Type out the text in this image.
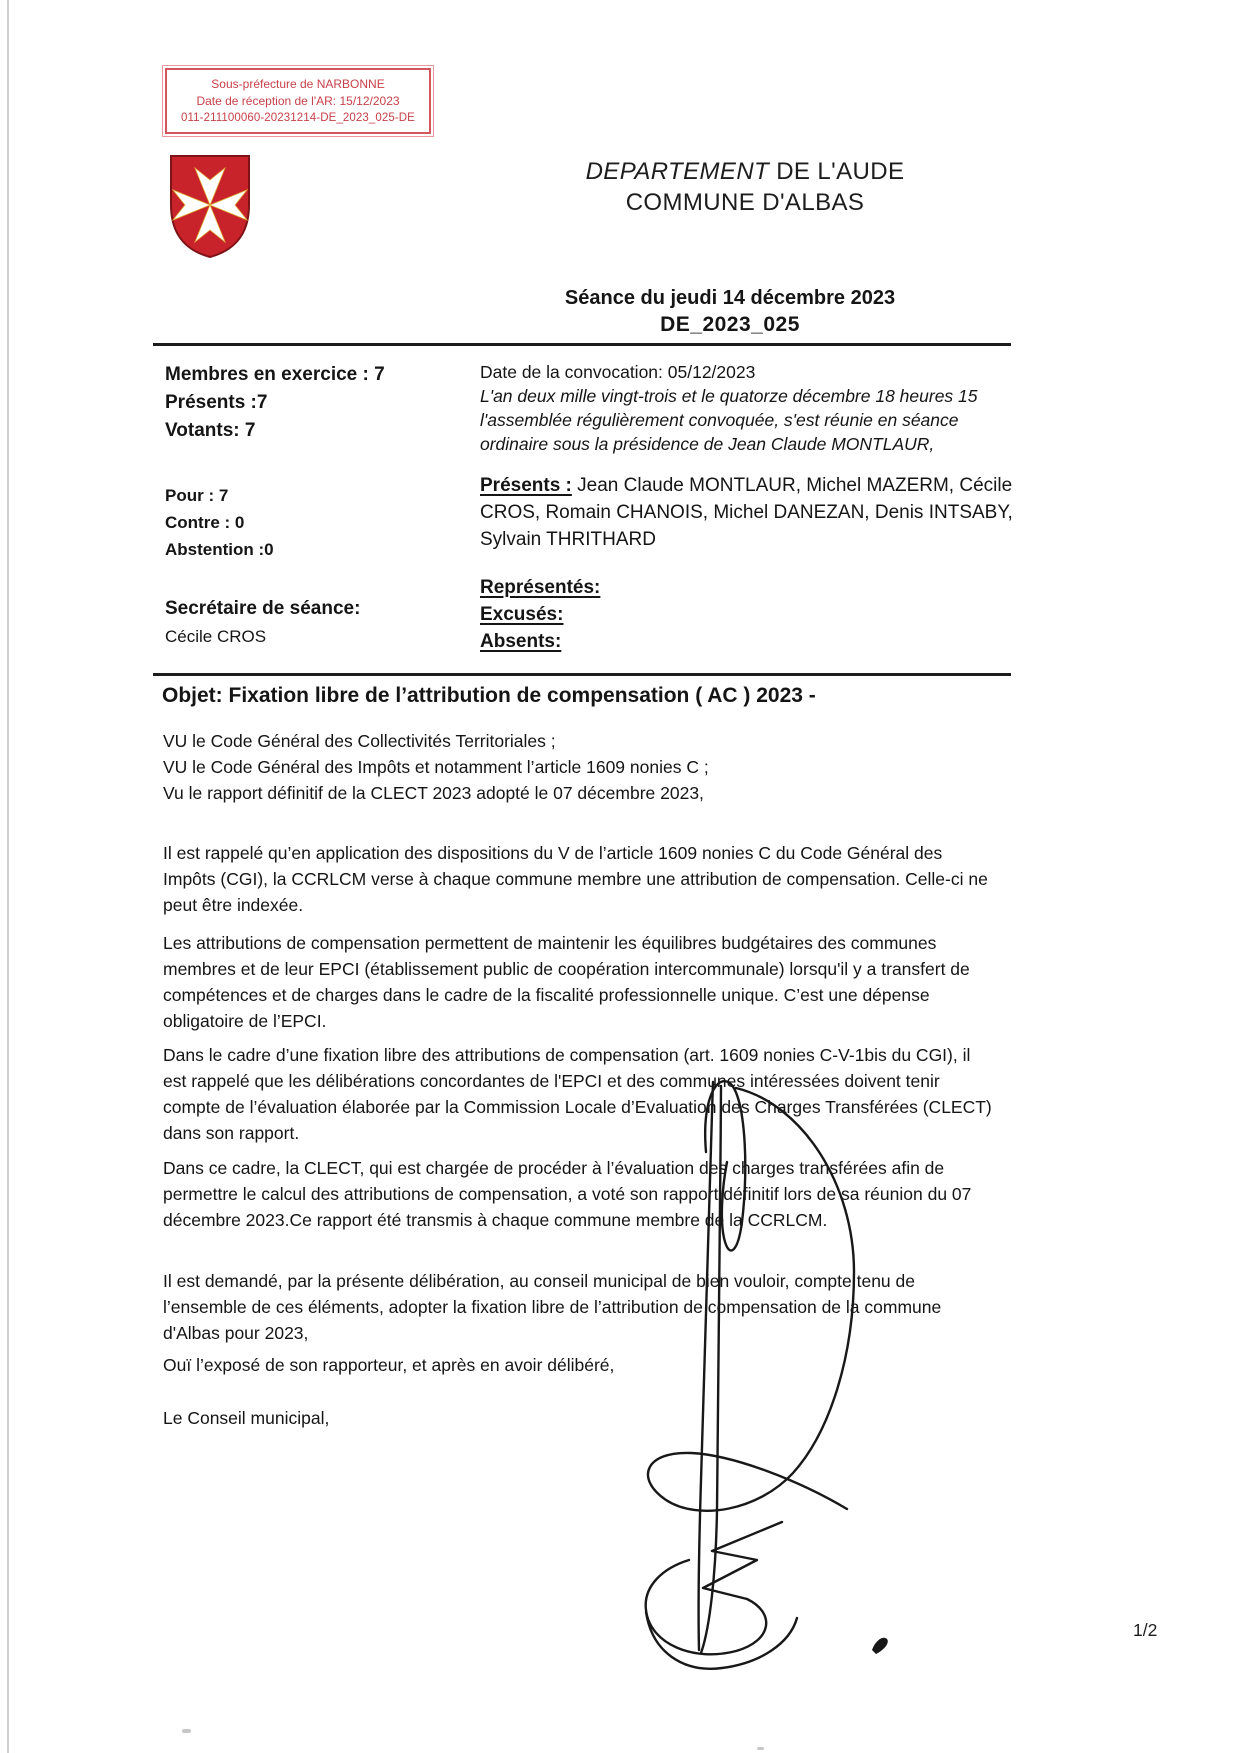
Sous-préfecture de NARBONNE
Date de réception de l'AR: 15/12/2023
011-211100060-20231214-DE_2023_025-DE
DEPARTEMENT DE L'AUDE
COMMUNE D'ALBAS
Séance du jeudi 14 décembre 2023
DE_2023_025
Membres en exercice : 7
Présents :7
Votants: 7
Pour : 7
Contre : 0
Abstention :0
Secrétaire de séance:
Cécile CROS
Date de la convocation: 05/12/2023
L'an deux mille vingt-trois et le quatorze décembre 18 heures 15 l'assemblée régulièrement convoquée, s'est réunie en séance ordinaire sous la présidence de Jean Claude MONTLAUR,
Présents : Jean Claude MONTLAUR, Michel MAZERM, Cécile CROS, Romain CHANOIS, Michel DANEZAN, Denis INTSABY, Sylvain THRITHARD
Représentés:
Excusés:
Absents:
Objet: Fixation libre de l’attribution de compensation ( AC ) 2023 -

VU le Code Général des Collectivités Territoriales ;

VU le Code Général des Impôts et notamment l’article 1609 nonies C ;

Vu le rapport définitif de la CLECT 2023 adopté le 07 décembre 2023,

Il est rappelé qu’en application des dispositions du V de l’article 1609 nonies C du Code Général des Impôts (CGI), la CCRLCM verse à chaque commune membre une attribution de compensation. Celle-ci ne peut être indexée.

Les attributions de compensation permettent de maintenir les équilibres budgétaires des communes membres et de leur EPCI (établissement public de coopération intercommunale) lorsqu'il y a transfert de compétences et de charges dans le cadre de la fiscalité professionnelle unique. C’est une dépense obligatoire de l’EPCI.

Dans le cadre d’une fixation libre des attributions de compensation (art. 1609 nonies C-V-1bis du CGI), il est rappelé que les délibérations concordantes de l'EPCI et des communes intéressées doivent tenir compte de l’évaluation élaborée par la Commission Locale d’Evaluation des Charges Transférées (CLECT) dans son rapport.

Dans ce cadre, la CLECT, qui est chargée de procéder à l’évaluation des charges transférées afin de permettre le calcul des attributions de compensation, a voté son rapport définitif lors de sa réunion du 07 décembre 2023.Ce rapport été transmis à chaque commune membre de la CCRLCM.

Il est demandé, par la présente délibération, au conseil municipal de bien vouloir, compte tenu de l’ensemble de ces éléments, adopter la fixation libre de l’attribution de compensation de la commune d'Albas pour 2023,

Ouï l’exposé de son rapporteur, et après en avoir délibéré,

Le Conseil municipal,

1/2
